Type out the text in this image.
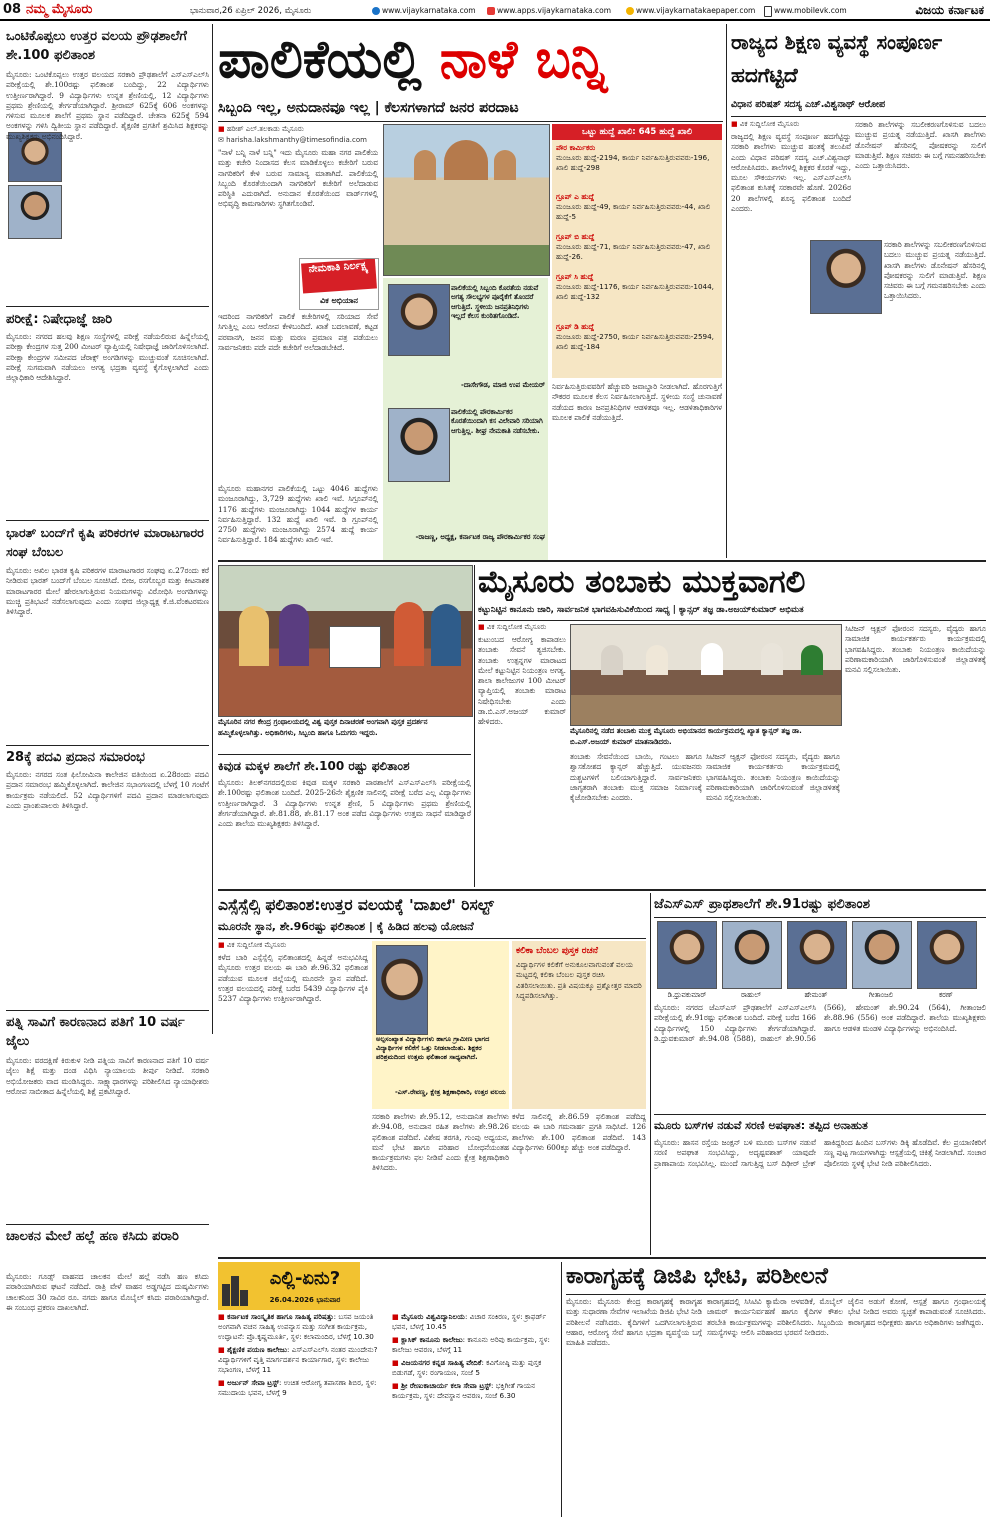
08 ನಮ್ಮ ಮೈಸೂರು	ಭಾನುವಾರ,26 ಏಪ್ರಿಲ್ 2026, ಮೈಸೂರು	www.vijaykarnataka.com	www.apps.vijaykarnataka.com	www.vijaykarnatakaepaper.com	www.mobilevk.com	ವಿಜಯ ಕರ್ನಾಟಕ
ಒಂಟಿಕೊಪ್ಪಲು ಉತ್ತರ ವಲಯ ಪ್ರೌಢಶಾಲೆಗೆ ಶೇ.100 ಫಲಿತಾಂಶ
ಮೈಸೂರು: ಒಂಟಿಕೊಪ್ಪಲು ಉತ್ತರ ವಲಯದ ಸರಕಾರಿ ಪ್ರೌಢಶಾಲೆಗೆ ಎಸ್ಎಸ್ಎಲ್‌ಸಿ ಪರೀಕ್ಷೆಯಲ್ಲಿ ಶೇ.100ರಷ್ಟು ಫಲಿತಾಂಶ ಬಂದಿದ್ದು, 22 ವಿದ್ಯಾರ್ಥಿಗಳು ಉತ್ತೀರ್ಣರಾಗಿದ್ದಾರೆ. 9 ವಿದ್ಯಾರ್ಥಿಗಳು ಉನ್ನತ ಶ್ರೇಣಿಯಲ್ಲಿ, 12 ವಿದ್ಯಾರ್ಥಿಗಳು ಪ್ರಥಮ ಶ್ರೇಣಿಯಲ್ಲಿ ತೇರ್ಗಡೆಯಾಗಿದ್ದಾರೆ. ಶ್ರೀರಾಮ್ 625ಕ್ಕೆ 606 ಅಂಕಗಳನ್ನು ಗಳಿಸುವ ಮೂಲಕ ಶಾಲೆಗೆ ಪ್ರಥಮ ಸ್ಥಾನ ಪಡೆದಿದ್ದಾರೆ. ಚೇತನಾ 625ಕ್ಕೆ 594 ಅಂಕಗಳನ್ನು ಗಳಿಸಿ ದ್ವಿತೀಯ ಸ್ಥಾನ ಪಡೆದಿದ್ದಾರೆ. ಶೈಕ್ಷಣಿಕ ಪ್ರಗತಿಗೆ ಶ್ರಮಿಸಿದ ಶಿಕ್ಷಕರನ್ನು ಮುಖ್ಯಶಿಕ್ಷಕರು ಅಭಿನಂದಿಸಿದ್ದಾರೆ.
ಪರೀಕ್ಷೆ: ನಿಷೇಧಾಜ್ಞೆ ಜಾರಿ
ಮೈಸೂರು: ನಗರದ ಹಲವು ಶಿಕ್ಷಣ ಸಂಸ್ಥೆಗಳಲ್ಲಿ ಪರೀಕ್ಷೆ ನಡೆಯಲಿರುವ ಹಿನ್ನೆಲೆಯಲ್ಲಿ ಪರೀಕ್ಷಾ ಕೇಂದ್ರಗಳ ಸುತ್ತ 200 ಮೀಟರ್ ವ್ಯಾಪ್ತಿಯಲ್ಲಿ ನಿಷೇಧಾಜ್ಞೆ ಜಾರಿಗೊಳಿಸಲಾಗಿದೆ. ಪರೀಕ್ಷಾ ಕೇಂದ್ರಗಳ ಸಮೀಪದ ಜೆರಾಕ್ಸ್ ಅಂಗಡಿಗಳನ್ನು ಮುಚ್ಚುವಂತೆ ಸೂಚಿಸಲಾಗಿದೆ. ಪರೀಕ್ಷೆ ಸುಗಮವಾಗಿ ನಡೆಯಲು ಅಗತ್ಯ ಭದ್ರತಾ ವ್ಯವಸ್ಥೆ ಕೈಗೊಳ್ಳಲಾಗಿದೆ ಎಂದು ಜಿಲ್ಲಾಧಿಕಾರಿ ಆದೇಶಿಸಿದ್ದಾರೆ.
ಭಾರತ್ ಬಂದ್‌ಗೆ ಕೃಷಿ ಪರಿಕರಗಳ ಮಾರಾಟಗಾರರ ಸಂಘ ಬೆಂಬಲ
ಮೈಸೂರು: ಅಖಿಲ ಭಾರತ ಕೃಷಿ ಪರಿಕರಗಳ ಮಾರಾಟಗಾರರ ಸಂಘವು ಏ.27ರಂದು ಕರೆ ನೀಡಿರುವ ಭಾರತ್ ಬಂದ್‌ಗೆ ಬೆಂಬಲ ಸೂಚಿಸಿದೆ. ಬೀಜ, ರಸಗೊಬ್ಬರ ಮತ್ತು ಕೀಟನಾಶಕ ಮಾರಾಟಗಾರರ ಮೇಲೆ ಹೇರಲಾಗುತ್ತಿರುವ ನಿಯಮಗಳನ್ನು ವಿರೋಧಿಸಿ ಅಂಗಡಿಗಳನ್ನು ಮುಚ್ಚಿ ಪ್ರತಿಭಟನೆ ನಡೆಸಲಾಗುವುದು ಎಂದು ಸಂಘದ ಜಿಲ್ಲಾಧ್ಯಕ್ಷ ಕೆ.ಜಿ.ವೆಂಕಟರಮಣ ತಿಳಿಸಿದ್ದಾರೆ.
28ಕ್ಕೆ ಪದವಿ ಪ್ರದಾನ ಸಮಾರಂಭ
ಮೈಸೂರು: ನಗರದ ಸಂತ ಫಿಲೋಮಿನಾ ಕಾಲೇಜಿನ ವತಿಯಿಂದ ಏ.28ರಂದು ಪದವಿ ಪ್ರದಾನ ಸಮಾರಂಭ ಹಮ್ಮಿಕೊಳ್ಳಲಾಗಿದೆ. ಕಾಲೇಜಿನ ಸಭಾಂಗಣದಲ್ಲಿ ಬೆಳಗ್ಗೆ 10 ಗಂಟೆಗೆ ಕಾರ್ಯಕ್ರಮ ನಡೆಯಲಿದೆ. 52 ವಿದ್ಯಾರ್ಥಿಗಳಿಗೆ ಪದವಿ ಪ್ರದಾನ ಮಾಡಲಾಗುವುದು ಎಂದು ಪ್ರಾಂಶುಪಾಲರು ತಿಳಿಸಿದ್ದಾರೆ.
ಪತ್ನಿ ಸಾವಿಗೆ ಕಾರಣನಾದ ಪತಿಗೆ 10 ವರ್ಷ ಜೈಲು
ಮೈಸೂರು: ವರದಕ್ಷಿಣೆ ಕಿರುಕುಳ ನೀಡಿ ಪತ್ನಿಯ ಸಾವಿಗೆ ಕಾರಣನಾದ ಪತಿಗೆ 10 ವರ್ಷ ಜೈಲು ಶಿಕ್ಷೆ ಮತ್ತು ದಂಡ ವಿಧಿಸಿ ನ್ಯಾಯಾಲಯ ತೀರ್ಪು ನೀಡಿದೆ. ಸರಕಾರಿ ಅಭಿಯೋಜಕರು ವಾದ ಮಂಡಿಸಿದ್ದರು. ಸಾಕ್ಷ್ಯಾಧಾರಗಳನ್ನು ಪರಿಶೀಲಿಸಿದ ನ್ಯಾಯಾಧೀಶರು ಆರೋಪ ಸಾಬೀತಾದ ಹಿನ್ನೆಲೆಯಲ್ಲಿ ಶಿಕ್ಷೆ ಪ್ರಕಟಿಸಿದ್ದಾರೆ.
ಚಾಲಕನ ಮೇಲೆ ಹಲ್ಲೆ ಹಣ ಕಸಿದು ಪರಾರಿ
ಮೈಸೂರು: ಗೂಡ್ಸ್ ವಾಹನದ ಚಾಲಕನ ಮೇಲೆ ಹಲ್ಲೆ ನಡೆಸಿ ಹಣ ಕಸಿದು ಪರಾರಿಯಾಗಿರುವ ಘಟನೆ ನಡೆದಿದೆ. ರಾತ್ರಿ ವೇಳೆ ವಾಹನ ಅಡ್ಡಗಟ್ಟಿದ ದುಷ್ಕರ್ಮಿಗಳು ಚಾಲಕನಿಂದ 30 ಸಾವಿರ ರೂ. ನಗದು ಹಾಗೂ ಮೊಬೈಲ್ ಕಸಿದು ಪರಾರಿಯಾಗಿದ್ದಾರೆ. ಈ ಸಂಬಂಧ ಪ್ರಕರಣ ದಾಖಲಾಗಿದೆ.
ಪಾಲಿಕೆಯಲ್ಲಿ ನಾಳೆ ಬನ್ನಿ
ಸಿಬ್ಬಂದಿ ಇಲ್ಲ, ಅನುದಾನವೂ ಇಲ್ಲ | ಕೆಲಸಗಳಾಗದೆ ಜನರ ಪರದಾಟ
■ ಹರೀಶ್ ಎಲ್.ತಲಕಾಡು ಮೈಸೂರು
✉ harisha.lakshmanthy@timesofindia.com
"ನಾಳೆ ಬನ್ನಿ ನಾಳೆ ಬನ್ನಿ" ಇದು ಮೈಸೂರು ಮಹಾ ನಗರ ಪಾಲಿಕೆಯ ಮತ್ತು ಕಚೇರಿ ನಿಂದಾಸದ ಕೆಲಸ ಮಾಡಿಕೊಳ್ಳಲು ಕಚೇರಿಗೆ ಬರುವ ನಾಗರಿಕರಿಗೆ ಕೇಳಿ ಬರುವ ಸಾಮಾನ್ಯ ಮಾತಾಗಿದೆ. ಪಾಲಿಕೆಯಲ್ಲಿ ಸಿಬ್ಬಂದಿ ಕೊರತೆಯಿಂದಾಗಿ ನಾಗರಿಕರಿಗೆ ಕಚೇರಿಗೆ ಅಲೆದಾಡುವ ಪರಿಸ್ಥಿತಿ ಎದುರಾಗಿದೆ. ಅನುದಾನ ಕೊರತೆಯಿಂದ ವಾರ್ಡ್‌ಗಳಲ್ಲಿ ಅಭಿವೃದ್ಧಿ ಕಾಮಗಾರಿಗಳು ಸ್ಥಗಿತಗೊಂಡಿವೆ.
ಇದರಿಂದ ನಾಗರಿಕರಿಗೆ ಪಾಲಿಕೆ ಕಚೇರಿಗಳಲ್ಲಿ ಸರಿಯಾದ ಸೇವೆ ಸಿಗುತ್ತಿಲ್ಲ ಎಂಬ ಆರೋಪ ಕೇಳಿಬಂದಿದೆ. ಖಾತೆ ಬದಲಾವಣೆ, ಕಟ್ಟಡ ಪರವಾನಗಿ, ಜನನ ಮತ್ತು ಮರಣ ಪ್ರಮಾಣ ಪತ್ರ ಪಡೆಯಲು ಸಾರ್ವಜನಿಕರು ಪದೇ ಪದೇ ಕಚೇರಿಗೆ ಅಲೆದಾಡಬೇಕಿದೆ.
ಮೈಸೂರು ಮಹಾನಗರ ಪಾಲಿಕೆಯಲ್ಲಿ ಒಟ್ಟು 4046 ಹುದ್ದೆಗಳು ಮಂಜೂರಾಗಿದ್ದು, 3,729 ಹುದ್ದೆಗಳು ಖಾಲಿ ಇವೆ. ಸಿಗ್ರೂಪ್‌ನಲ್ಲಿ 1176 ಹುದ್ದೆಗಳು ಮಂಜೂರಾಗಿದ್ದು 1044 ಹುದ್ದೆಗಳ ಕಾರ್ಯ ನಿರ್ವಹಿಸುತ್ತಿದ್ದಾರೆ. 132 ಹುದ್ದೆ ಖಾಲಿ ಇವೆ. ಡಿ ಗ್ರೂಪ್‌ನಲ್ಲಿ 2750 ಹುದ್ದೆಗಳು ಮಂಜೂರಾಗಿದ್ದು 2574 ಹುದ್ದೆ ಕಾರ್ಯ ನಿರ್ವಹಿಸುತ್ತಿದ್ದಾರೆ. 184 ಹುದ್ದೆಗಳು ಖಾಲಿ ಇವೆ.
ನೇಮಕಾತಿ ನಿರ್ಲಕ್ಷ್ಯ
ವಿಕ ಅಭಿಯಾನ
ಪಾಲಿಕೆಯಲ್ಲಿ ಸಿಬ್ಬಂದಿ ಕೊರತೆಯ ನಡುವೆ ಅಗತ್ಯ ಸೌಲಭ್ಯಗಳ ಪೂರೈಕೆಗೆ ತೊಂದರೆ ಆಗುತ್ತಿದೆ. ಸ್ಥಳೀಯ ಜನಪ್ರತಿನಿಧಿಗಳು ಇಲ್ಲದೆ ಕೆಲಸ ಕುಂಠಿತಗೊಂಡಿದೆ.
-ದಾಸೇಗೌಡ, ಮಾಜಿ ಉಪ ಮೇಯರ್
ಪಾಲಿಕೆಯಲ್ಲಿ ಪೌರಕಾರ್ಮಿಕರ ಕೊರತೆಯಿಂದಾಗಿ ಕಸ ವಿಲೇವಾರಿ ಸರಿಯಾಗಿ ಆಗುತ್ತಿಲ್ಲ. ಶೀಘ್ರ ನೇಮಕಾತಿ ನಡೆಸಬೇಕು.
-ರಾಜಣ್ಣ, ಅಧ್ಯಕ್ಷ, ಕರ್ನಾಟಕ ರಾಜ್ಯ ಪೌರಕಾರ್ಮಿಕರ ಸಂಘ
ಒಟ್ಟು ಹುದ್ದೆ ಖಾಲಿ: 645 ಹುದ್ದೆ ಖಾಲಿ
ಪೌರ ಕಾರ್ಮಿಕರು
ಮಂಜೂರು ಹುದ್ದೆ-2194, ಕಾರ್ಯ ನಿರ್ವಹಿಸುತ್ತಿರುವವರು-196, ಖಾಲಿ ಹುದ್ದೆ-298
ಗ್ರೂಪ್ ಎ ಹುದ್ದೆ
ಮಂಜೂರು ಹುದ್ದೆ-49, ಕಾರ್ಯ ನಿರ್ವಹಿಸುತ್ತಿರುವವರು-44, ಖಾಲಿ ಹುದ್ದೆ-5
ಗ್ರೂಪ್ ಬಿ ಹುದ್ದೆ
ಮಂಜೂರು ಹುದ್ದೆ-71, ಕಾರ್ಯ ನಿರ್ವಹಿಸುತ್ತಿರುವವರು-47, ಖಾಲಿ ಹುದ್ದೆ-26.
ಗ್ರೂಪ್ ಸಿ ಹುದ್ದೆ
ಮಂಜೂರು ಹುದ್ದೆ-1176, ಕಾರ್ಯ ನಿರ್ವಹಿಸುತ್ತಿರುವವರು-1044, ಖಾಲಿ ಹುದ್ದೆ-132
ಗ್ರೂಪ್ ಡಿ ಹುದ್ದೆ
ಮಂಜೂರು ಹುದ್ದೆ-2750, ಕಾರ್ಯ ನಿರ್ವಹಿಸುತ್ತಿರುವವರು-2594, ಖಾಲಿ ಹುದ್ದೆ-184
ನಿರ್ವಹಿಸುತ್ತಿರುವವರಿಗೆ ಹೆಚ್ಚುವರಿ ಜವಾಬ್ದಾರಿ ನೀಡಲಾಗಿದೆ. ಹೊರಗುತ್ತಿಗೆ ನೌಕರರ ಮೂಲಕ ಕೆಲಸ ನಿರ್ವಹಿಸಲಾಗುತ್ತಿದೆ. ಸ್ಥಳೀಯ ಸಂಸ್ಥೆ ಚುನಾವಣೆ ನಡೆಯದ ಕಾರಣ ಜನಪ್ರತಿನಿಧಿಗಳ ಆಡಳಿತವೂ ಇಲ್ಲ. ಆಡಳಿತಾಧಿಕಾರಿಗಳ ಮೂಲಕ ಪಾಲಿಕೆ ನಡೆಯುತ್ತಿದೆ.
ರಾಜ್ಯದ ಶಿಕ್ಷಣ ವ್ಯವಸ್ಥೆ ಸಂಪೂರ್ಣ ಹದಗೆಟ್ಟಿದೆ
ವಿಧಾನ ಪರಿಷತ್ ಸದಸ್ಯ ಎಚ್.ವಿಶ್ವನಾಥ್ ಆರೋಪ
■ ವಿಕ ಸುದ್ದಿಲೋಕ ಮೈಸೂರು
ರಾಜ್ಯದಲ್ಲಿ ಶಿಕ್ಷಣ ವ್ಯವಸ್ಥೆ ಸಂಪೂರ್ಣ ಹದಗೆಟ್ಟಿದ್ದು ಸರಕಾರಿ ಶಾಲೆಗಳು ಮುಚ್ಚುವ ಹಂತಕ್ಕೆ ತಲುಪಿವೆ ಎಂದು ವಿಧಾನ ಪರಿಷತ್ ಸದಸ್ಯ ಎಚ್.ವಿಶ್ವನಾಥ್ ಆರೋಪಿಸಿದರು. ಶಾಲೆಗಳಲ್ಲಿ ಶಿಕ್ಷಕರ ಕೊರತೆ ಇದ್ದು, ಮೂಲ ಸೌಕರ್ಯಗಳು ಇಲ್ಲ. ಎಸ್ಎಸ್ಎಲ್‌ಸಿ ಫಲಿತಾಂಶ ಕುಸಿತಕ್ಕೆ ಸರಕಾರವೇ ಹೊಣೆ. 2026ರ 20 ಶಾಲೆಗಳಲ್ಲಿ ಶೂನ್ಯ ಫಲಿತಾಂಶ ಬಂದಿದೆ ಎಂದರು.
ಸರಕಾರಿ ಶಾಲೆಗಳನ್ನು ಸಬಲೀಕರಣಗೊಳಿಸುವ ಬದಲು ಮುಚ್ಚುವ ಪ್ರಯತ್ನ ನಡೆಯುತ್ತಿದೆ. ಖಾಸಗಿ ಶಾಲೆಗಳು ಡೊನೇಷನ್ ಹೆಸರಿನಲ್ಲಿ ಪೋಷಕರನ್ನು ಸುಲಿಗೆ ಮಾಡುತ್ತಿವೆ. ಶಿಕ್ಷಣ ಸಚಿವರು ಈ ಬಗ್ಗೆ ಗಮನಹರಿಸಬೇಕು ಎಂದು ಒತ್ತಾಯಿಸಿದರು.
ಸರಕಾರಿ ಶಾಲೆಗಳನ್ನು ಸಬಲೀಕರಣಗೊಳಿಸುವ ಬದಲು ಮುಚ್ಚುವ ಪ್ರಯತ್ನ ನಡೆಯುತ್ತಿದೆ. ಖಾಸಗಿ ಶಾಲೆಗಳು ಡೊನೇಷನ್ ಹೆಸರಿನಲ್ಲಿ ಪೋಷಕರನ್ನು ಸುಲಿಗೆ ಮಾಡುತ್ತಿವೆ. ಶಿಕ್ಷಣ ಸಚಿವರು ಈ ಬಗ್ಗೆ ಗಮನಹರಿಸಬೇಕು ಎಂದು ಒತ್ತಾಯಿಸಿದರು.
ಮೈಸೂರಿನ ನಗರ ಕೇಂದ್ರ ಗ್ರಂಥಾಲಯದಲ್ಲಿ ವಿಶ್ವ ಪುಸ್ತಕ ದಿನಾಚರಣೆ ಅಂಗವಾಗಿ ಪುಸ್ತಕ ಪ್ರದರ್ಶನ ಹಮ್ಮಿಕೊಳ್ಳಲಾಗಿತ್ತು. ಅಧಿಕಾರಿಗಳು, ಸಿಬ್ಬಂದಿ ಹಾಗೂ ಓದುಗರು ಇದ್ದರು.
ಕಿವುಡ ಮಕ್ಕಳ ಶಾಲೆಗೆ ಶೇ.100 ರಷ್ಟು ಫಲಿತಾಂಶ
ಮೈಸೂರು: ತಿಲಕ್‌ನಗರದಲ್ಲಿರುವ ಕಿವುಡ ಮಕ್ಕಳ ಸರಕಾರಿ ಪಾಠಶಾಲೆಗೆ ಎಸ್ಎಸ್ಎಲ್‌ಸಿ ಪರೀಕ್ಷೆಯಲ್ಲಿ ಶೇ.100ರಷ್ಟು ಫಲಿತಾಂಶ ಬಂದಿದೆ. 2025-26ನೇ ಶೈಕ್ಷಣಿಕ ಸಾಲಿನಲ್ಲಿ ಪರೀಕ್ಷೆ ಬರೆದ ಎಲ್ಲ ವಿದ್ಯಾರ್ಥಿಗಳು ಉತ್ತೀರ್ಣರಾಗಿದ್ದಾರೆ. 3 ವಿದ್ಯಾರ್ಥಿಗಳು ಉನ್ನತ ಶ್ರೇಣಿ, 5 ವಿದ್ಯಾರ್ಥಿಗಳು ಪ್ರಥಮ ಶ್ರೇಣಿಯಲ್ಲಿ ತೇರ್ಗಡೆಯಾಗಿದ್ದಾರೆ. ಶೇ.81.88, ಶೇ.81.17 ಅಂಕ ಪಡೆದ ವಿದ್ಯಾರ್ಥಿಗಳು ಉತ್ತಮ ಸಾಧನೆ ಮಾಡಿದ್ದಾರೆ ಎಂದು ಶಾಲೆಯ ಮುಖ್ಯಶಿಕ್ಷಕರು ತಿಳಿಸಿದ್ದಾರೆ.
ಮೈಸೂರು ತಂಬಾಕು ಮುಕ್ತವಾಗಲಿ
ಕಟ್ಟುನಿಟ್ಟಿನ ಕಾನೂನು ಜಾರಿ, ಸಾರ್ವಜನಿಕ ಭಾಗವಹಿಸುವಿಕೆಯಿಂದ ಸಾಧ್ಯ | ಕ್ಯಾನ್ಸರ್ ತಜ್ಞ ಡಾ.ಅಜಯ್‌ಕುಮಾರ್ ಅಭಿಮತ
■ ವಿಕ ಸುದ್ದಿಲೋಕ ಮೈಸೂರು
ಕುಟುಂಬದ ಆರೋಗ್ಯ ಕಾಪಾಡಲು ತಂಬಾಕು ಸೇವನೆ ತ್ಯಜಿಸಬೇಕು. ತಂಬಾಕು ಉತ್ಪನ್ನಗಳ ಮಾರಾಟದ ಮೇಲೆ ಕಟ್ಟುನಿಟ್ಟಿನ ನಿಯಂತ್ರಣ ಅಗತ್ಯ. ಶಾಲಾ ಕಾಲೇಜುಗಳ 100 ಮೀಟರ್ ವ್ಯಾಪ್ತಿಯಲ್ಲಿ ತಂಬಾಕು ಮಾರಾಟ ನಿಷೇಧಿಸಬೇಕು ಎಂದು ಡಾ.ಬಿ.ಎಸ್.ಅಜಯ್ ಕುಮಾರ್ ಹೇಳಿದರು.
ಮೈಸೂರಿನಲ್ಲಿ ನಡೆದ ತಂಬಾಕು ಮುಕ್ತ ಮೈಸೂರು ಅಭಿಯಾನದ ಕಾರ್ಯಕ್ರಮದಲ್ಲಿ ಖ್ಯಾತ ಕ್ಯಾನ್ಸರ್ ತಜ್ಞ ಡಾ. ಬಿ.ಎಸ್.ಅಜಯ್ ಕುಮಾರ್ ಮಾತನಾಡಿದರು.
ತಂಬಾಕು ಸೇವನೆಯಿಂದ ಬಾಯಿ, ಗಂಟಲು ಹಾಗೂ ಶ್ವಾಸಕೋಶದ ಕ್ಯಾನ್ಸರ್ ಹೆಚ್ಚುತ್ತಿದೆ. ಯುವಜನರು ದುಶ್ಚಟಗಳಿಗೆ ಬಲಿಯಾಗುತ್ತಿದ್ದಾರೆ. ಸಾರ್ವಜನಿಕರು ಜಾಗೃತರಾಗಿ ತಂಬಾಕು ಮುಕ್ತ ಸಮಾಜ ನಿರ್ಮಾಣಕ್ಕೆ ಕೈಜೋಡಿಸಬೇಕು ಎಂದರು.
ಸಿಟಿಜನ್ ಆ್ಯಕ್ಷನ್ ಫೋರಂನ ಸದಸ್ಯರು, ವೈದ್ಯರು ಹಾಗೂ ಸಾಮಾಜಿಕ ಕಾರ್ಯಕರ್ತರು ಕಾರ್ಯಕ್ರಮದಲ್ಲಿ ಭಾಗವಹಿಸಿದ್ದರು. ತಂಬಾಕು ನಿಯಂತ್ರಣ ಕಾಯಿದೆಯನ್ನು ಪರಿಣಾಮಕಾರಿಯಾಗಿ ಜಾರಿಗೊಳಿಸುವಂತೆ ಜಿಲ್ಲಾಡಳಿತಕ್ಕೆ ಮನವಿ ಸಲ್ಲಿಸಲಾಯಿತು.
ಸಿಟಿಜನ್ ಆ್ಯಕ್ಷನ್ ಫೋರಂನ ಸದಸ್ಯರು, ವೈದ್ಯರು ಹಾಗೂ ಸಾಮಾಜಿಕ ಕಾರ್ಯಕರ್ತರು ಕಾರ್ಯಕ್ರಮದಲ್ಲಿ ಭಾಗವಹಿಸಿದ್ದರು. ತಂಬಾಕು ನಿಯಂತ್ರಣ ಕಾಯಿದೆಯನ್ನು ಪರಿಣಾಮಕಾರಿಯಾಗಿ ಜಾರಿಗೊಳಿಸುವಂತೆ ಜಿಲ್ಲಾಡಳಿತಕ್ಕೆ ಮನವಿ ಸಲ್ಲಿಸಲಾಯಿತು.
ಎಸ್ಸೆಸ್ಸೆಲ್ಸಿ ಫಲಿತಾಂಶ:ಉತ್ತರ ವಲಯಕ್ಕೆ 'ದಾಖಲೆ' ರಿಸಲ್ಟ್
ಮೂರನೇ ಸ್ಥಾನ, ಶೇ.96ರಷ್ಟು ಫಲಿತಾಂಶ | ಕೈ ಹಿಡಿದ ಹಲವು ಯೋಜನೆ
■ ವಿಕ ಸುದ್ದಿಲೋಕ ಮೈಸೂರು
ಕಳೆದ ಬಾರಿ ಎಸ್ಸೆಸ್ಸೆಲ್ಸಿ ಫಲಿತಾಂಶದಲ್ಲಿ ಹಿನ್ನಡೆ ಅನುಭವಿಸಿದ್ದ ಮೈಸೂರು ಉತ್ತರ ವಲಯ ಈ ಬಾರಿ ಶೇ.96.32 ಫಲಿತಾಂಶ ಪಡೆಯುವ ಮೂಲಕ ಜಿಲ್ಲೆಯಲ್ಲಿ ಮೂರನೇ ಸ್ಥಾನ ಪಡೆದಿದೆ. ಉತ್ತರ ವಲಯದಲ್ಲಿ ಪರೀಕ್ಷೆ ಬರೆದ 5439 ವಿದ್ಯಾರ್ಥಿಗಳ ಪೈಕಿ 5237 ವಿದ್ಯಾರ್ಥಿಗಳು ಉತ್ತೀರ್ಣರಾಗಿದ್ದಾರೆ.
ಅಲ್ಪಸಂಖ್ಯಾತ ವಿದ್ಯಾರ್ಥಿಗಳು ಹಾಗೂ ಗ್ರಾಮೀಣ ಭಾಗದ ವಿದ್ಯಾರ್ಥಿಗಳ ಕಲಿಕೆಗೆ ಒತ್ತು ನೀಡಲಾಯಿತು. ಶಿಕ್ಷಕರ ಪರಿಶ್ರಮದಿಂದ ಉತ್ತಮ ಫಲಿತಾಂಶ ಸಾಧ್ಯವಾಗಿದೆ.
-ಎಸ್.ರೇವಣ್ಣ, ಕ್ಷೇತ್ರ ಶಿಕ್ಷಣಾಧಿಕಾರಿ, ಉತ್ತರ ವಲಯ
ಕಲಿಕಾ ಬೆಂಬಲ ಪುಸ್ತಕ ರಚನೆ
ವಿದ್ಯಾರ್ಥಿಗಳ ಕಲಿಕೆಗೆ ಅನುಕೂಲವಾಗುವಂತೆ ವಲಯ ಮಟ್ಟದಲ್ಲಿ ಕಲಿಕಾ ಬೆಂಬಲ ಪುಸ್ತಕ ರಚಿಸಿ ವಿತರಿಸಲಾಯಿತು. ಪ್ರತಿ ವಿಷಯಕ್ಕೂ ಪ್ರಶ್ನೋತ್ತರ ಮಾದರಿ ಸಿದ್ಧಪಡಿಸಲಾಗಿತ್ತು.
ಸರಕಾರಿ ಶಾಲೆಗಳು ಶೇ.95.12, ಅನುದಾನಿತ ಶಾಲೆಗಳು ಶೇ.94.08, ಅನುದಾನ ರಹಿತ ಶಾಲೆಗಳು ಶೇ.98.26 ಫಲಿತಾಂಶ ಪಡೆದಿವೆ. ವಿಶೇಷ ತರಗತಿ, ಗುಂಪು ಅಧ್ಯಯನ, ಮನೆ ಭೇಟಿ ಹಾಗೂ ಪರಿಹಾರ ಬೋಧನೆಯಂತಹ ಕಾರ್ಯಕ್ರಮಗಳು ಫಲ ನೀಡಿವೆ ಎಂದು ಕ್ಷೇತ್ರ ಶಿಕ್ಷಣಾಧಿಕಾರಿ ತಿಳಿಸಿದರು.
ಕಳೆದ ಸಾಲಿನಲ್ಲಿ ಶೇ.86.59 ಫಲಿತಾಂಶ ಪಡೆದಿದ್ದ ವಲಯ ಈ ಬಾರಿ ಗಮನಾರ್ಹ ಪ್ರಗತಿ ಸಾಧಿಸಿದೆ. 126 ಶಾಲೆಗಳು ಶೇ.100 ಫಲಿತಾಂಶ ಪಡೆದಿವೆ. 143 ವಿದ್ಯಾರ್ಥಿಗಳು 600ಕ್ಕೂ ಹೆಚ್ಚು ಅಂಕ ಪಡೆದಿದ್ದಾರೆ.
ಜೆಎಸ್ಎಸ್ ಪ್ರಾಥಶಾಲೆಗೆ ಶೇ.91ರಷ್ಟು ಫಲಿತಾಂಶ
ಡಿ.ಧ್ರುವಕುಮಾರ್	ರಾಹುಲ್	ಹೇಮಂತ್	ಗೀತಾಂಜಲಿ	ಕರಣ್
ಮೈಸೂರು: ನಗರದ ಜೆಎಸ್ಎಸ್ ಪ್ರೌಢಶಾಲೆಗೆ ಎಸ್ಎಸ್ಎಲ್‌ಸಿ ಪರೀಕ್ಷೆಯಲ್ಲಿ ಶೇ.91ರಷ್ಟು ಫಲಿತಾಂಶ ಬಂದಿದೆ. ಪರೀಕ್ಷೆ ಬರೆದ 166 ವಿದ್ಯಾರ್ಥಿಗಳಲ್ಲಿ 150 ವಿದ್ಯಾರ್ಥಿಗಳು ತೇರ್ಗಡೆಯಾಗಿದ್ದಾರೆ. ಡಿ.ಧ್ರುವಕುಮಾರ್ ಶೇ.94.08 (588), ರಾಹುಲ್ ಶೇ.90.56 (566), ಹೇಮಂತ್ ಶೇ.90.24 (564), ಗೀತಾಂಜಲಿ ಶೇ.88.96 (556) ಅಂಕ ಪಡೆದಿದ್ದಾರೆ. ಶಾಲೆಯ ಮುಖ್ಯಶಿಕ್ಷಕರು ಹಾಗೂ ಆಡಳಿತ ಮಂಡಳಿ ವಿದ್ಯಾರ್ಥಿಗಳನ್ನು ಅಭಿನಂದಿಸಿದೆ.
ಮೂರು ಬಸ್‌ಗಳ ನಡುವೆ ಸರಣಿ ಅಪಘಾತ: ತಪ್ಪಿದ ಅನಾಹುತ
ಮೈಸೂರು: ಹಾಸನ ರಸ್ತೆಯ ಜಂಕ್ಷನ್ ಬಳಿ ಮೂರು ಬಸ್‌ಗಳ ನಡುವೆ ಸರಣಿ ಅಪಘಾತ ಸಂಭವಿಸಿದ್ದು, ಅದೃಷ್ಟವಶಾತ್ ಯಾವುದೇ ಪ್ರಾಣಾಪಾಯ ಸಂಭವಿಸಿಲ್ಲ. ಮುಂದೆ ಸಾಗುತ್ತಿದ್ದ ಬಸ್ ದಿಢೀರ್ ಬ್ರೇಕ್ ಹಾಕಿದ್ದರಿಂದ ಹಿಂದಿನ ಬಸ್‌ಗಳು ಡಿಕ್ಕಿ ಹೊಡೆದಿವೆ. ಕೆಲ ಪ್ರಯಾಣಿಕರಿಗೆ ಸಣ್ಣ ಪುಟ್ಟ ಗಾಯಗಳಾಗಿದ್ದು ಆಸ್ಪತ್ರೆಯಲ್ಲಿ ಚಿಕಿತ್ಸೆ ನೀಡಲಾಗಿದೆ. ಸಂಚಾರ ಪೊಲೀಸರು ಸ್ಥಳಕ್ಕೆ ಭೇಟಿ ನೀಡಿ ಪರಿಶೀಲಿಸಿದರು.
ಎಲ್ಲಿ-ಏನು?
26.04.2026 ಭಾನುವಾರ
■ ಕರ್ನಾಟಕ ಸಾಂಸ್ಕೃತಿಕ ಹಾಗೂ ಸಾಹಿತ್ಯ ಪರಿಷತ್ತು: ಬಸವ ಜಯಂತಿ ಅಂಗವಾಗಿ ವಚನ ಸಾಹಿತ್ಯ ಉಪನ್ಯಾಸ ಮತ್ತು ಸಂಗೀತ ಕಾರ್ಯಕ್ರಮ, ಉದ್ಘಾಟನೆ: ಪ್ರೊ.ಕೃಷ್ಣಮೂರ್ತಿ, ಸ್ಥಳ: ಕಲಾಮಂದಿರ, ಬೆಳಗ್ಗೆ 10.30
■ ಶೈಕ್ಷಣಿಕ ಪಯಣ ಕಾಲೇಜು: ಎಸ್ಎಸ್ಎಲ್‌ಸಿ ನಂತರ ಮುಂದೇನು? ವಿದ್ಯಾರ್ಥಿಗಳಿಗೆ ವೃತ್ತಿ ಮಾರ್ಗದರ್ಶನ ಕಾರ್ಯಾಗಾರ, ಸ್ಥಳ: ಕಾಲೇಜು ಸಭಾಂಗಣ, ಬೆಳಗ್ಗೆ 11
■ ಅರ್ಜುನ್ ಸೇವಾ ಟ್ರಸ್ಟ್: ಉಚಿತ ಆರೋಗ್ಯ ತಪಾಸಣಾ ಶಿಬಿರ, ಸ್ಥಳ: ಸಮುದಾಯ ಭವನ, ಬೆಳಗ್ಗೆ 9
■ ಮೈಸೂರು ವಿಶ್ವವಿದ್ಯಾನಿಲಯ: ವಿಚಾರ ಸಂಕಿರಣ, ಸ್ಥಳ: ಕ್ರಾಫರ್ಡ್ ಭವನ, ಬೆಳಗ್ಗೆ 10.45
■ ಕ್ಲಾಸಿಕ್ ಕಾನೂನು ಕಾಲೇಜು: ಕಾನೂನು ಅರಿವು ಕಾರ್ಯಕ್ರಮ, ಸ್ಥಳ: ಕಾಲೇಜು ಆವರಣ, ಬೆಳಗ್ಗೆ 11
■ ವಿಜಯನಗರ ಕನ್ನಡ ಸಾಹಿತ್ಯ ವೇದಿಕೆ: ಕವಿಗೋಷ್ಠಿ ಮತ್ತು ಪುಸ್ತಕ ಬಿಡುಗಡೆ, ಸ್ಥಳ: ರಂಗಾಯಣ, ಸಂಜೆ 5
■ ಶ್ರೀ ರೇಣುಕಾಚಾರ್ಯ ಕಲಾ ಸೇವಾ ಟ್ರಸ್ಟ್: ಭಕ್ತಿಗೀತೆ ಗಾಯನ ಕಾರ್ಯಕ್ರಮ, ಸ್ಥಳ: ದೇವಸ್ಥಾನ ಆವರಣ, ಸಂಜೆ 6.30
ಕಾರಾಗೃಹಕ್ಕೆ ಡಿಜಿಪಿ ಭೇಟಿ, ಪರಿಶೀಲನೆ
ಮೈಸೂರು: ಮೈಸೂರು ಕೇಂದ್ರ ಕಾರಾಗೃಹಕ್ಕೆ ಕಾರಾಗೃಹ ಮತ್ತು ಸುಧಾರಣಾ ಸೇವೆಗಳ ಇಲಾಖೆಯ ಡಿಜಿಪಿ ಭೇಟಿ ನೀಡಿ ಪರಿಶೀಲನೆ ನಡೆಸಿದರು. ಕೈದಿಗಳಿಗೆ ಒದಗಿಸಲಾಗುತ್ತಿರುವ ಆಹಾರ, ಆರೋಗ್ಯ ಸೇವೆ ಹಾಗೂ ಭದ್ರತಾ ವ್ಯವಸ್ಥೆಯ ಬಗ್ಗೆ ಮಾಹಿತಿ ಪಡೆದರು.
ಕಾರಾಗೃಹದಲ್ಲಿ ಸಿಸಿಟಿವಿ ಕ್ಯಾಮೆರಾ ಅಳವಡಿಕೆ, ಮೊಬೈಲ್ ಜಾಮರ್ ಕಾರ್ಯನಿರ್ವಹಣೆ ಹಾಗೂ ಕೈದಿಗಳ ಕೌಶಲ ತರಬೇತಿ ಕಾರ್ಯಕ್ರಮಗಳನ್ನು ಪರಿಶೀಲಿಸಿದರು. ಸಿಬ್ಬಂದಿಯ ಸಮಸ್ಯೆಗಳನ್ನು ಆಲಿಸಿ ಪರಿಹಾರದ ಭರವಸೆ ನೀಡಿದರು.
ಜೈಲಿನ ಅಡುಗೆ ಕೋಣೆ, ಆಸ್ಪತ್ರೆ ಹಾಗೂ ಗ್ರಂಥಾಲಯಕ್ಕೆ ಭೇಟಿ ನೀಡಿದ ಅವರು ಸ್ವಚ್ಛತೆ ಕಾಪಾಡುವಂತೆ ಸೂಚಿಸಿದರು. ಕಾರಾಗೃಹದ ಅಧೀಕ್ಷಕರು ಹಾಗೂ ಅಧಿಕಾರಿಗಳು ಜತೆಗಿದ್ದರು.
